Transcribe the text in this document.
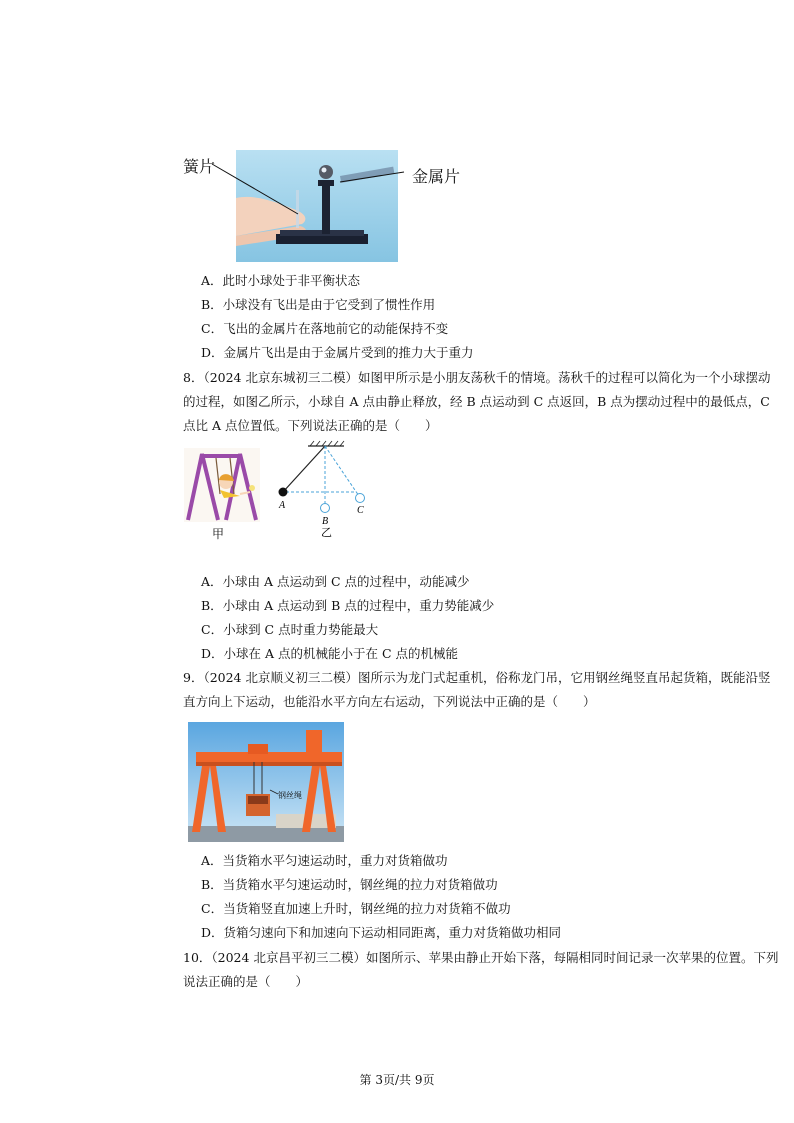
簧片
金属片
A．此时小球处于非平衡状态
B．小球没有飞出是由于它受到了惯性作用
C．飞出的金属片在落地前它的动能保持不变
D．金属片飞出是由于金属片受到的推力大于重力
8．（2024 北京东城初三二模）如图甲所示是小朋友荡秋千的情境。荡秋千的过程可以简化为一个小球摆动
的过程，如图乙所示，小球自 A 点由静止释放，经 B 点运动到 C 点返回，B 点为摆动过程中的最低点，C
点比 A 点位置低。下列说法正确的是（　　）
甲
A
B
C
乙
A．小球由 A 点运动到 C 点的过程中，动能减少
B．小球由 A 点运动到 B 点的过程中，重力势能减少
C．小球到 C 点时重力势能最大
D．小球在 A 点的机械能小于在 C 点的机械能
9．（2024 北京顺义初三二模）图所示为龙门式起重机，俗称龙门吊，它用钢丝绳竖直吊起货箱，既能沿竖
直方向上下运动，也能沿水平方向左右运动，下列说法中正确的是（　　）
钢丝绳
A．当货箱水平匀速运动时，重力对货箱做功
B．当货箱水平匀速运动时，钢丝绳的拉力对货箱做功
C．当货箱竖直加速上升时，钢丝绳的拉力对货箱不做功
D．货箱匀速向下和加速向下运动相同距离，重力对货箱做功相同
10．（2024 北京昌平初三二模）如图所示、苹果由静止开始下落，每隔相同时间记录一次苹果的位置。下列
说法正确的是（　　）
第 3页/共 9页
